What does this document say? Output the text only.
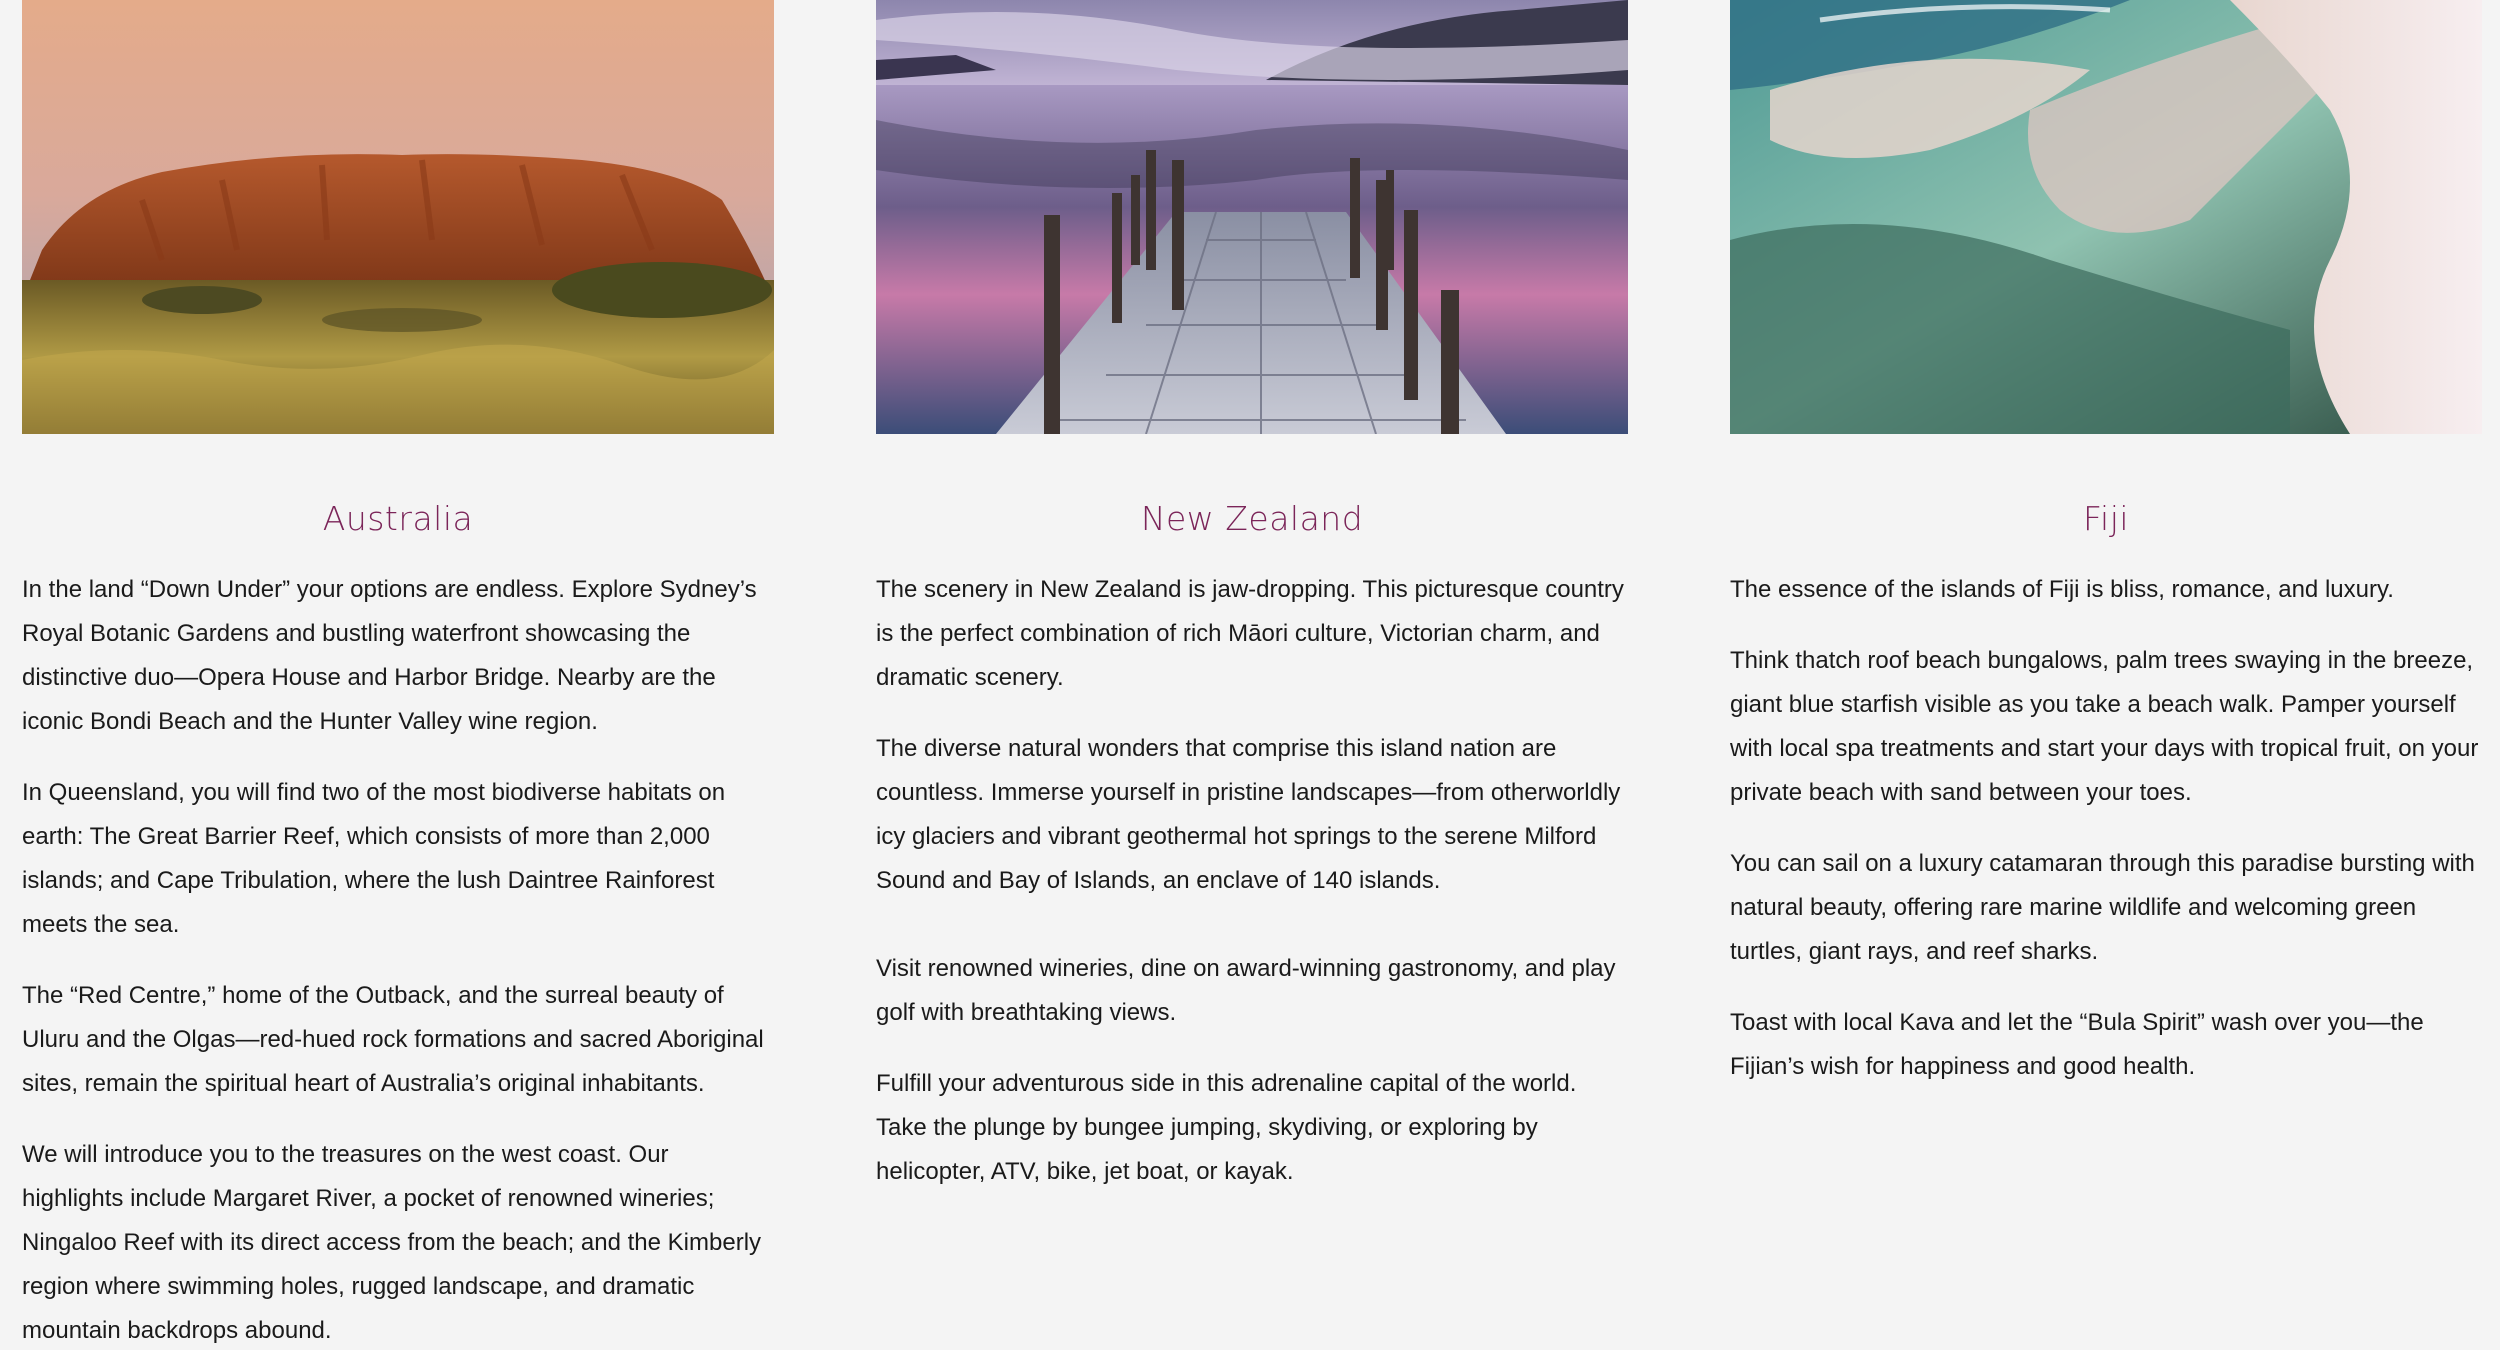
Australia

In the land “Down Under” your options are endless. Explore Sydney’s Royal Botanic Gardens and bustling waterfront showcasing the distinctive duo—Opera House and Harbor Bridge. Nearby are the iconic Bondi Beach and the Hunter Valley wine region.

In Queensland, you will find two of the most biodiverse habitats on earth: The Great Barrier Reef, which consists of more than 2,000 islands; and Cape Tribulation, where the lush Daintree Rainforest meets the sea.

The “Red Centre,” home of the Outback, and the surreal beauty of Uluru and the Olgas—red-hued rock formations and sacred Aboriginal sites, remain the spiritual heart of Australia’s original inhabitants.

We will introduce you to the treasures on the west coast. Our highlights include Margaret River, a pocket of renowned wineries; Ningaloo Reef with its direct access from the beach; and the Kimberly region where swimming holes, rugged landscape, and dramatic mountain backdrops abound.

New Zealand

The scenery in New Zealand is jaw-dropping. This picturesque country is the perfect combination of rich Māori culture, Victorian charm, and dramatic scenery.

The diverse natural wonders that comprise this island nation are countless. Immerse yourself in pristine landscapes—from otherworldly icy glaciers and vibrant geothermal hot springs to the serene Milford Sound and Bay of Islands, an enclave of 140 islands.

Visit renowned wineries, dine on award-winning gastronomy, and play golf with breathtaking views.

Fulfill your adventurous side in this adrenaline capital of the world. Take the plunge by bungee jumping, skydiving, or exploring by helicopter, ATV, bike, jet boat, or kayak.

Fiji

The essence of the islands of Fiji is bliss, romance, and luxury.

Think thatch roof beach bungalows, palm trees swaying in the breeze, giant blue starfish visible as you take a beach walk. Pamper yourself with local spa treatments and start your days with tropical fruit, on your private beach with sand between your toes.

You can sail on a luxury catamaran through this paradise bursting with natural beauty, offering rare marine wildlife and welcoming green turtles, giant rays, and reef sharks.

Toast with local Kava and let the “Bula Spirit” wash over you—the Fijian’s wish for happiness and good health.
